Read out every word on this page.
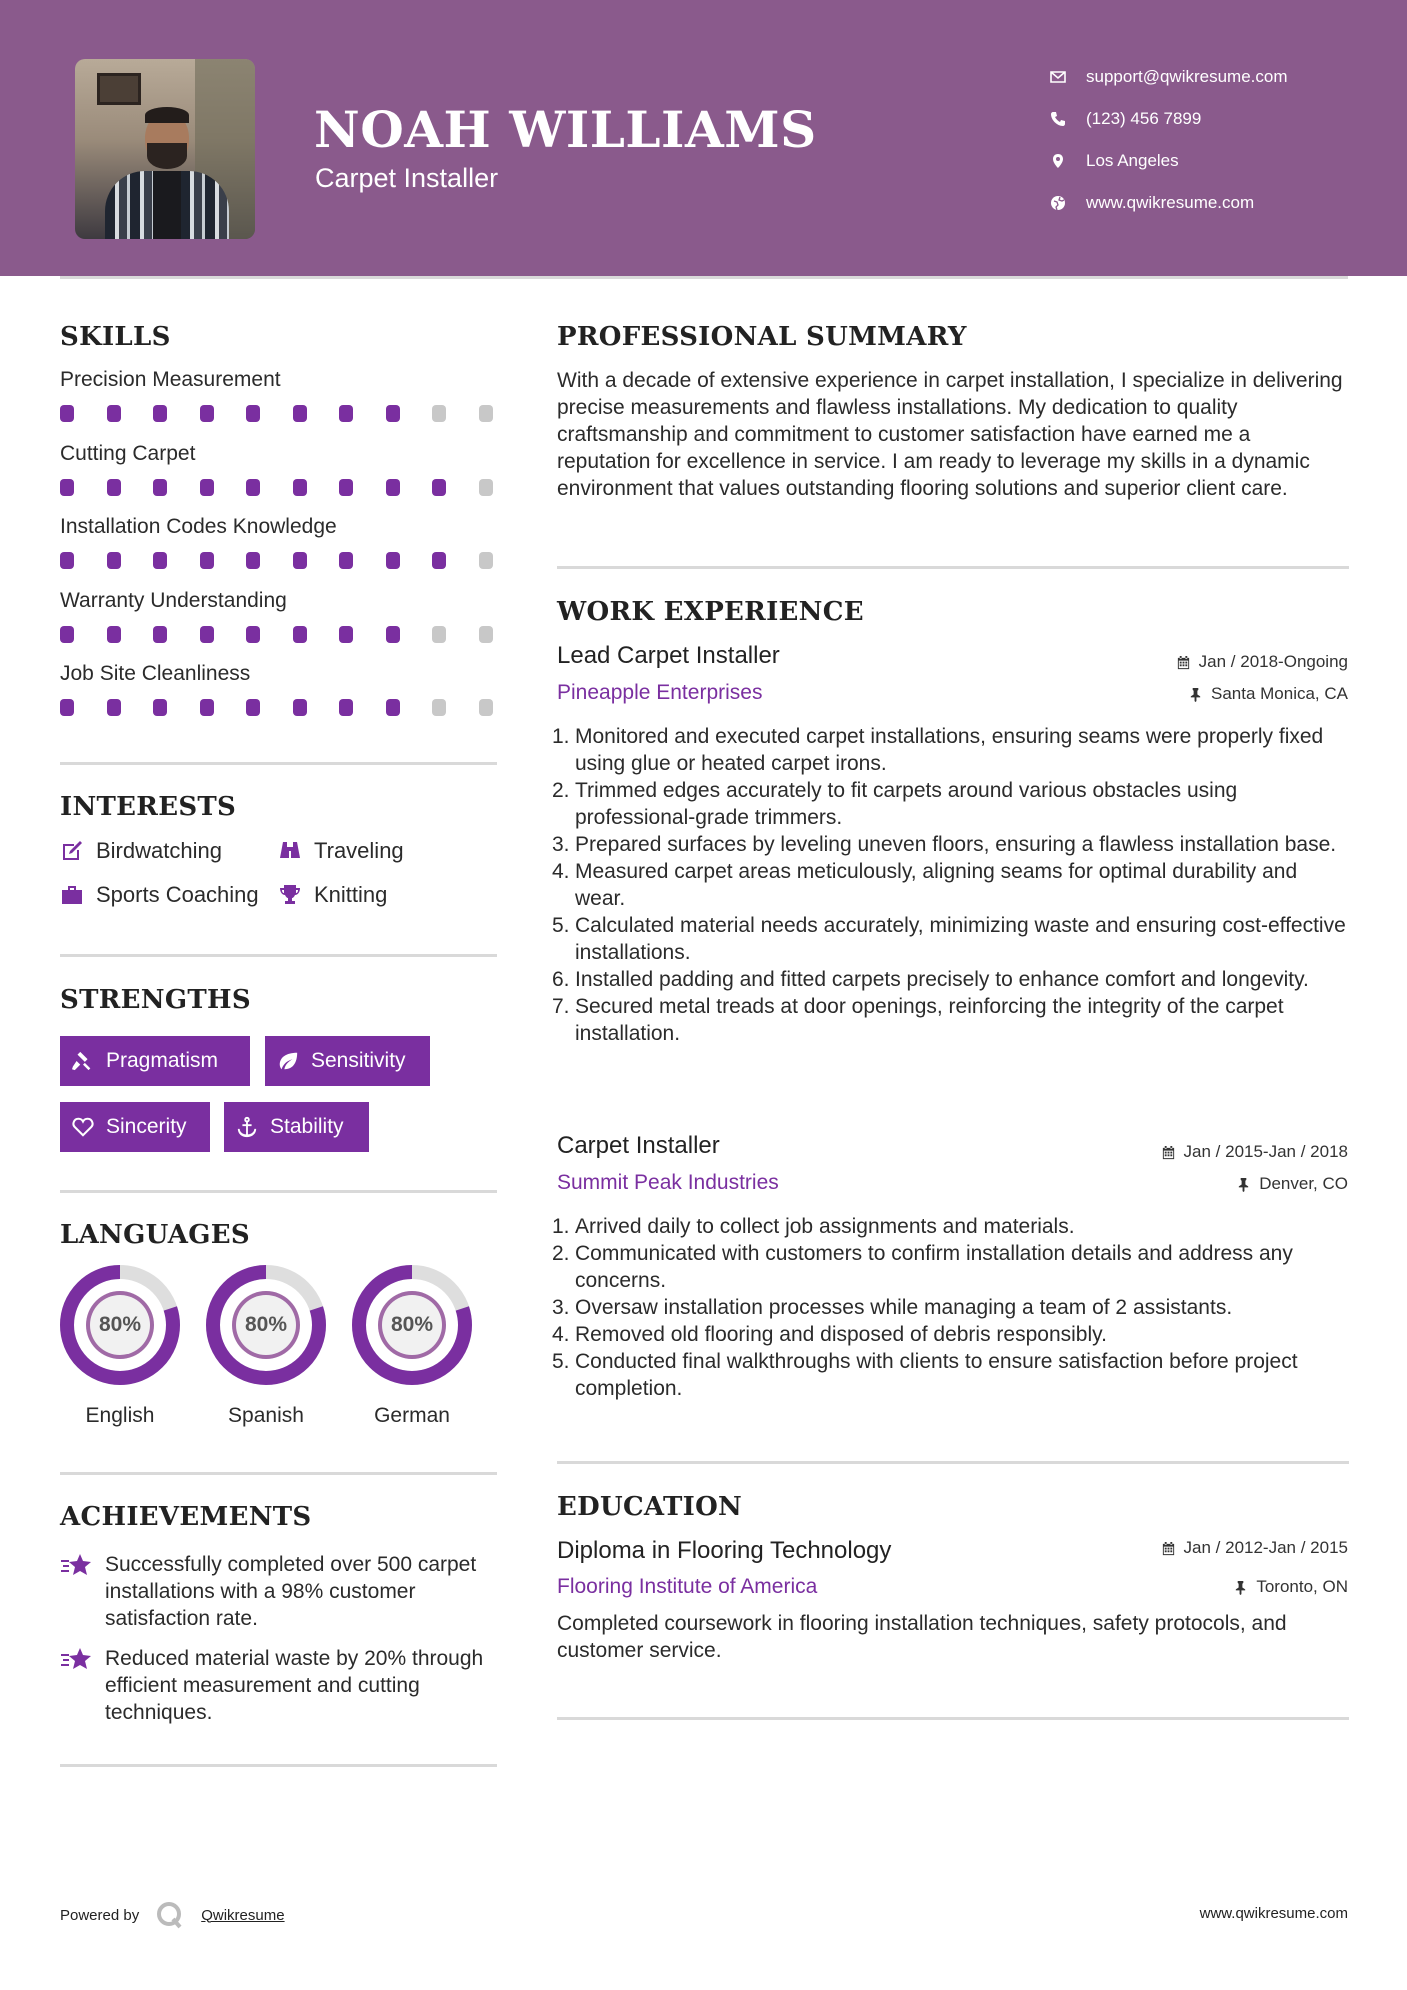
NOAH WILLIAMS
Carpet Installer
support@qwikresume.com
(123) 456 7899
Los Angeles
www.qwikresume.com
SKILLS
Precision Measurement
Cutting Carpet
Installation Codes Knowledge
Warranty Understanding
Job Site Cleanliness
INTERESTS
Birdwatching	Traveling
Sports Coaching	Knitting
STRENGTHS
Pragmatism	Sensitivity
Sincerity	Stability
LANGUAGES
80%
English
80%
Spanish
80%
German
ACHIEVEMENTS
Successfully completed over 500 carpet installations with a 98% customer satisfaction rate.
Reduced material waste by 20% through efficient measurement and cutting techniques.
PROFESSIONAL SUMMARY
With a decade of extensive experience in carpet installation, I specialize in delivering precise measurements and flawless installations. My dedication to quality craftsmanship and commitment to customer satisfaction have earned me a reputation for excellence in service. I am ready to leverage my skills in a dynamic environment that values outstanding flooring solutions and superior client care.
WORK EXPERIENCE
Lead Carpet Installer	Jan / 2018-Ongoing
Pineapple Enterprises	Santa Monica, CA
1. Monitored and executed carpet installations, ensuring seams were properly fixed using glue or heated carpet irons.
2. Trimmed edges accurately to fit carpets around various obstacles using professional-grade trimmers.
3. Prepared surfaces by leveling uneven floors, ensuring a flawless installation base.
4. Measured carpet areas meticulously, aligning seams for optimal durability and wear.
5. Calculated material needs accurately, minimizing waste and ensuring cost-effective installations.
6. Installed padding and fitted carpets precisely to enhance comfort and longevity.
7. Secured metal treads at door openings, reinforcing the integrity of the carpet installation.
Carpet Installer	Jan / 2015-Jan / 2018
Summit Peak Industries	Denver, CO
1. Arrived daily to collect job assignments and materials.
2. Communicated with customers to confirm installation details and address any concerns.
3. Oversaw installation processes while managing a team of 2 assistants.
4. Removed old flooring and disposed of debris responsibly.
5. Conducted final walkthroughs with clients to ensure satisfaction before project completion.
EDUCATION
Diploma in Flooring Technology	Jan / 2012-Jan / 2015
Flooring Institute of America	Toronto, ON
Completed coursework in flooring installation techniques, safety protocols, and customer service.
Powered by	Qwikresume	www.qwikresume.com
